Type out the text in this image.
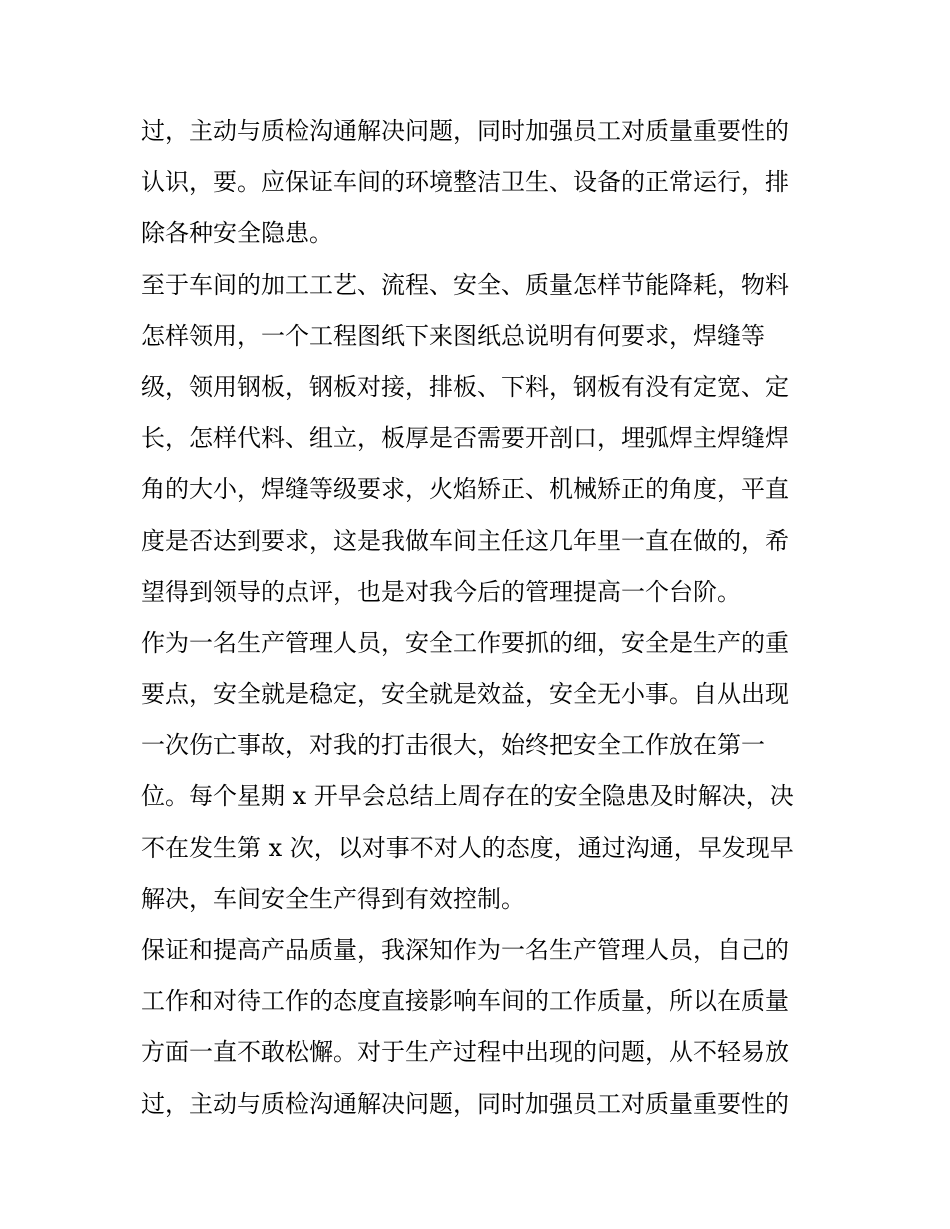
过，主动与质检沟通解决问题，同时加强员工对质量重要性的
认识，要。应保证车间的环境整洁卫生、设备的正常运行，排
除各种安全隐患。
至于车间的加工工艺、流程、安全、质量怎样节能降耗，物料
怎样领用，一个工程图纸下来图纸总说明有何要求，焊缝等
级，领用钢板，钢板对接，排板、下料，钢板有没有定宽、定
长，怎样代料、组立，板厚是否需要开剖口，埋弧焊主焊缝焊
角的大小，焊缝等级要求，火焰矫正、机械矫正的角度，平直
度是否达到要求，这是我做车间主任这几年里一直在做的，希
望得到领导的点评，也是对我今后的管理提高一个台阶。
作为一名生产管理人员，安全工作要抓的细，安全是生产的重
要点，安全就是稳定，安全就是效益，安全无小事。自从出现
一次伤亡事故，对我的打击很大，始终把安全工作放在第一
位。每个星期 x 开早会总结上周存在的安全隐患及时解决，决
不在发生第 x 次，以对事不对人的态度，通过沟通，早发现早
解决，车间安全生产得到有效控制。
保证和提高产品质量，我深知作为一名生产管理人员，自己的
工作和对待工作的态度直接影响车间的工作质量，所以在质量
方面一直不敢松懈。对于生产过程中出现的问题，从不轻易放
过，主动与质检沟通解决问题，同时加强员工对质量重要性的
